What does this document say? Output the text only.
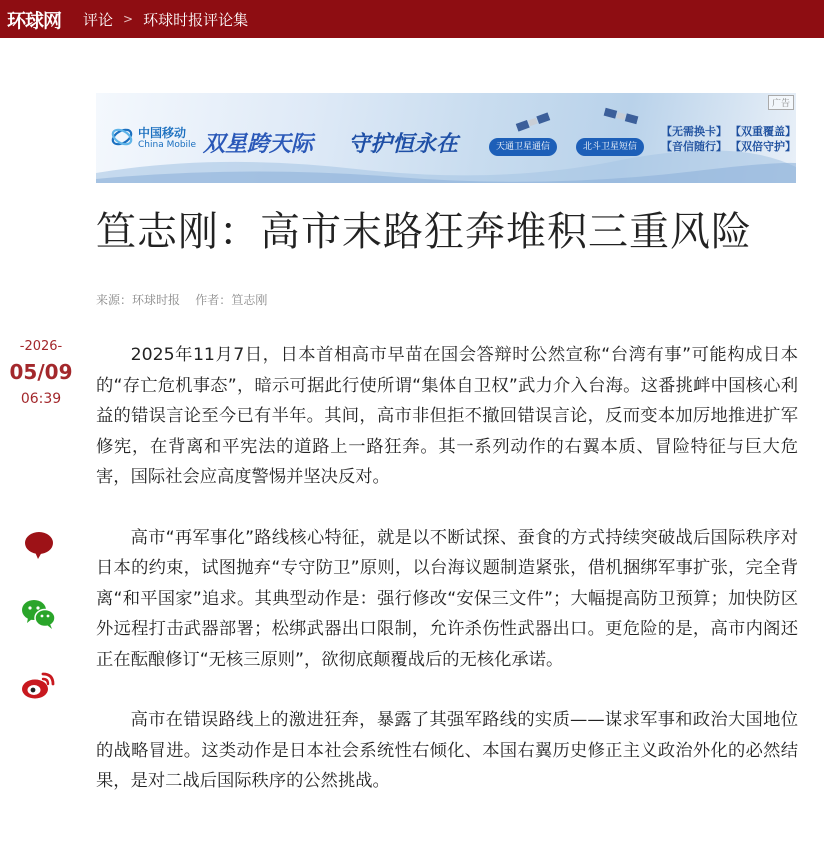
环球网 评论 > 环球时报评论集
中国移动
China Mobile 双星跨天际 守护恒永在	天通卫星通信	北斗卫星短信
【无需换卡】 【双重覆盖】
【音信随行】 【双倍守护】
广告
笪志刚：高市末路狂奔堆积三重风险
来源：环球时报 作者：笪志刚
-2026-
05/09
06:39

2025年11月7日，日本首相高市早苗在国会答辩时公然宣称“台湾有事”可能构成日本的“存亡危机事态”，暗示可据此行使所谓“集体自卫权”武力介入台海。这番挑衅中国核心利益的错误言论至今已有半年。其间，高市非但拒不撤回错误言论，反而变本加厉地推进扩军修宪，在背离和平宪法的道路上一路狂奔。其一系列动作的右翼本质、冒险特征与巨大危害，国际社会应高度警惕并坚决反对。

高市“再军事化”路线核心特征，就是以不断试探、蚕食的方式持续突破战后国际秩序对日本的约束，试图抛弃“专守防卫”原则，以台海议题制造紧张，借机捆绑军事扩张，完全背离“和平国家”追求。其典型动作是：强行修改“安保三文件”；大幅提高防卫预算；加快防区外远程打击武器部署；松绑武器出口限制，允许杀伤性武器出口。更危险的是，高市内阁还正在酝酿修订“无核三原则”，欲彻底颠覆战后的无核化承诺。

高市在错误路线上的激进狂奔，暴露了其强军路线的实质——谋求军事和政治大国地位的战略冒进。这类动作是日本社会系统性右倾化、本国右翼历史修正主义政治外化的必然结果，是对二战后国际秩序的公然挑战。
